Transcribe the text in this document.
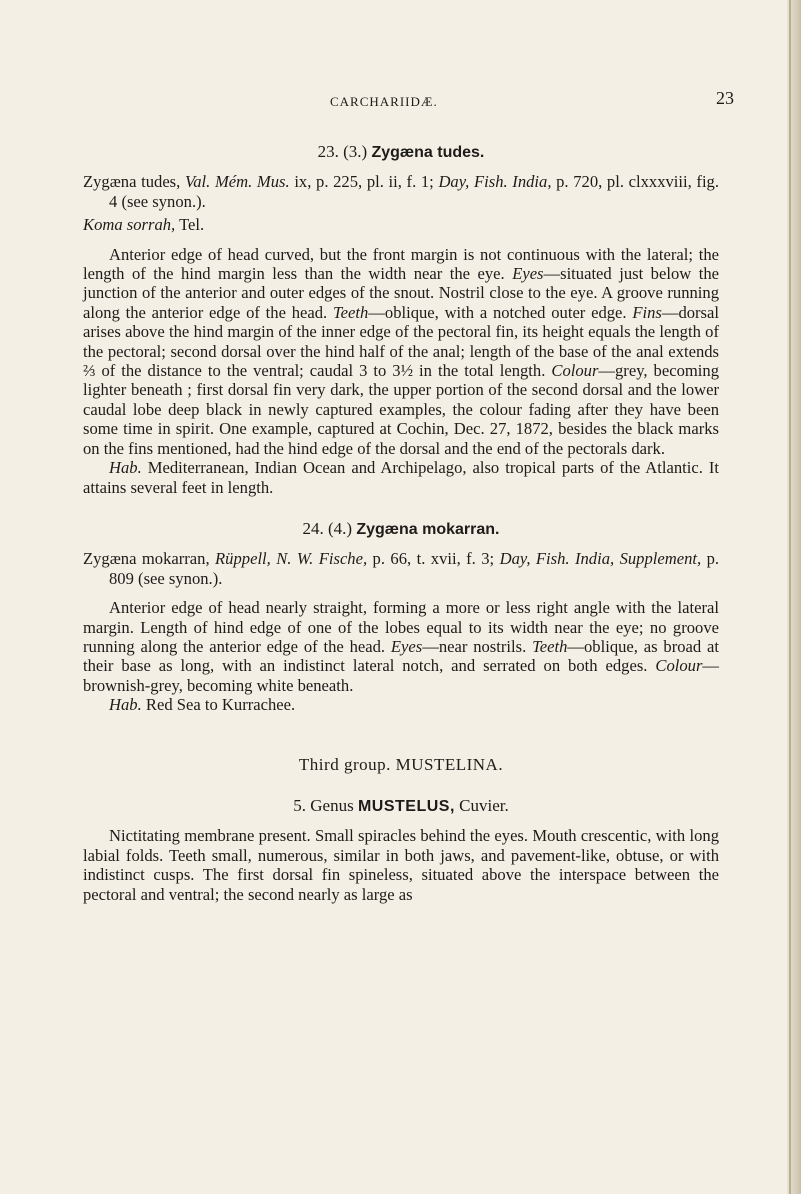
CARCHARIIDÆ.	23
23. (3.) Zygæna tudes.

Zygæna tudes, Val. Mém. Mus. ix, p. 225, pl. ii, f. 1; Day, Fish. India, p. 720, pl. clxxxviii, fig. 4 (see synon.).

Koma sorrah, Tel.

Anterior edge of head curved, but the front margin is not continuous with the lateral; the length of the hind margin less than the width near the eye. Eyes—situated just below the junction of the anterior and outer edges of the snout. Nostril close to the eye. A groove running along the anterior edge of the head. Teeth—oblique, with a notched outer edge. Fins—dorsal arises above the hind margin of the inner edge of the pectoral fin, its height equals the length of the pectoral; second dorsal over the hind half of the anal; length of the base of the anal extends ⅔ of the distance to the ventral; caudal 3 to 3½ in the total length. Colour—grey, becoming lighter beneath ; first dorsal fin very dark, the upper portion of the second dorsal and the lower caudal lobe deep black in newly captured examples, the colour fading after they have been some time in spirit. One example, captured at Cochin, Dec. 27, 1872, besides the black marks on the fins mentioned, had the hind edge of the dorsal and the end of the pectorals dark.

Hab. Mediterranean, Indian Ocean and Archipelago, also tropical parts of the Atlantic. It attains several feet in length.

24. (4.) Zygæna mokarran.

Zygæna mokarran, Rüppell, N. W. Fische, p. 66, t. xvii, f. 3; Day, Fish. India, Supplement, p. 809 (see synon.).

Anterior edge of head nearly straight, forming a more or less right angle with the lateral margin. Length of hind edge of one of the lobes equal to its width near the eye; no groove running along the anterior edge of the head. Eyes—near nostrils. Teeth—oblique, as broad at their base as long, with an indistinct lateral notch, and serrated on both edges. Colour—brownish-grey, becoming white beneath.

Hab. Red Sea to Kurrachee.

Third group. MUSTELINA.
5. Genus MUSTELUS, Cuvier.

Nictitating membrane present. Small spiracles behind the eyes. Mouth crescentic, with long labial folds. Teeth small, numerous, similar in both jaws, and pavement-like, obtuse, or with indistinct cusps. The first dorsal fin spineless, situated above the interspace between the pectoral and ventral; the second nearly as large as
